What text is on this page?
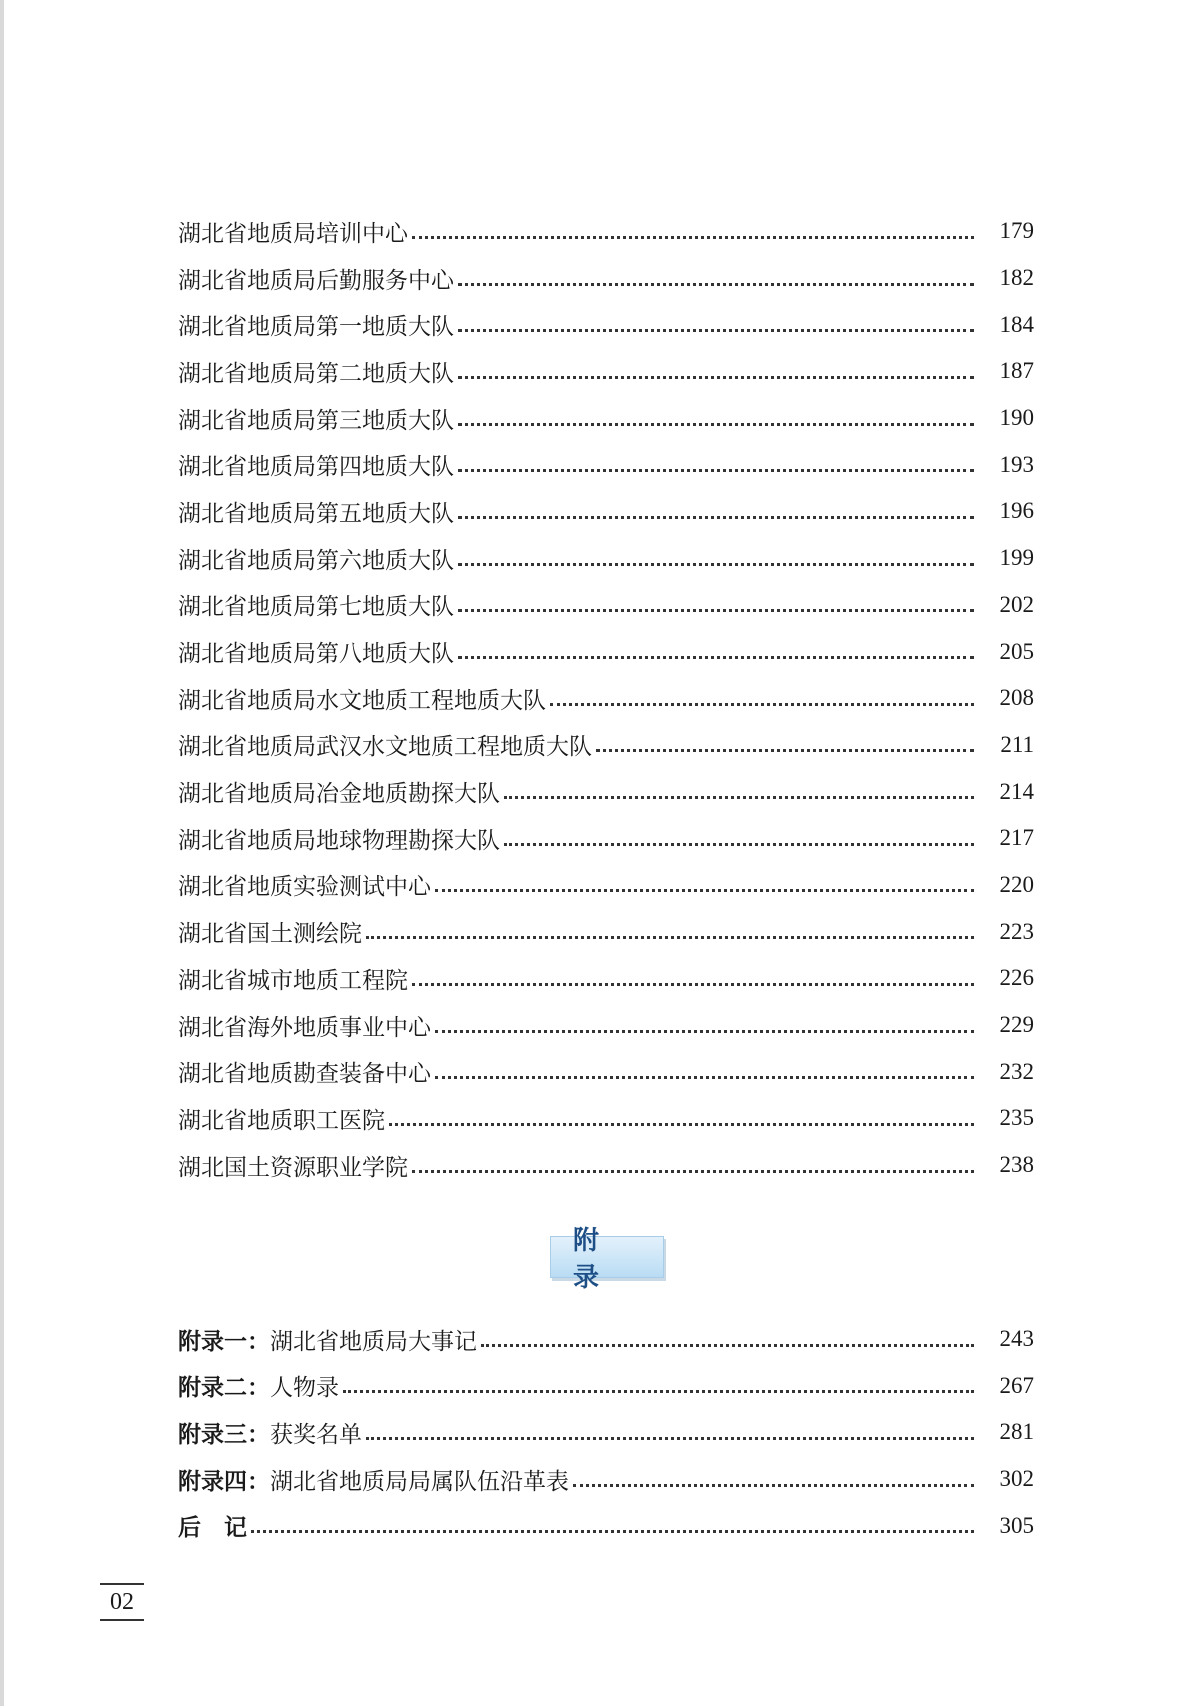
湖北省地质局培训中心	179
湖北省地质局后勤服务中心	182
湖北省地质局第一地质大队	184
湖北省地质局第二地质大队	187
湖北省地质局第三地质大队	190
湖北省地质局第四地质大队	193
湖北省地质局第五地质大队	196
湖北省地质局第六地质大队	199
湖北省地质局第七地质大队	202
湖北省地质局第八地质大队	205
湖北省地质局水文地质工程地质大队	208
湖北省地质局武汉水文地质工程地质大队	211
湖北省地质局冶金地质勘探大队	214
湖北省地质局地球物理勘探大队	217
湖北省地质实验测试中心	220
湖北省国土测绘院	223
湖北省城市地质工程院	226
湖北省海外地质事业中心	229
湖北省地质勘查装备中心	232
湖北省地质职工医院	235
湖北国土资源职业学院	238
附录
附录一： 湖北省地质局大事记	243
附录二： 人物录	267
附录三： 获奖名单	281
附录四： 湖北省地质局局属队伍沿革表	302
后　记	305
02
